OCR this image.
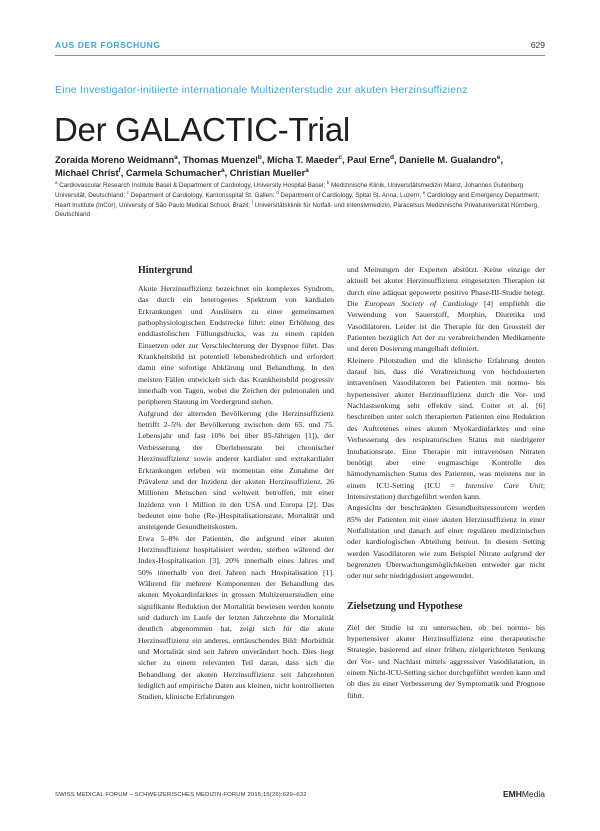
AUS DER FORSCHUNG	629
Eine Investigator-initiierte internationale Multizenterstudie zur akuten Herzinsuffizienz
Der GALACTIC-Trial
Zoraida Moreno Weidmann$^a$, Thomas Muenzel$^b$, Micha T. Maeder$^c$, Paul Erne$^d$, Danielle M. Gualandro$^e$,
Michael Christ$^f$, Carmela Schumacher$^a$, Christian Mueller$^a$
$^a$ Cardiovascular Research Institute Basel & Department of Cardiology, University Hospital Basel; $^b$ Medizinische Klinik, Universitätsmedizin Mainz, Johannes Gutenberg Universität, Deutschland; $^c$ Department of Cardiology, Kantonsspital St. Gallen; $^d$ Department of Cardiology, Spital St. Anna, Luzern; $^e$ Cardiology and Emergency Department, Heart Institute (InCor), University of São Paulo Medical School, Brazil; $^f$ Universitätsklinik für Notfall- und Intensivmedizin, Paracelsus Medizinische Privatuniversität Nürnberg, Deutschland
Hintergrund

Akute Herzinsuffizienz bezeichnet ein komplexes Syndrom, das durch ein heterogenes Spektrum von kardialen Erkrankungen und Auslösern zu einer gemeinsamen pathophysiologischen Endstrecke führt: einer Erhöhung des enddiastolischen Füllungsdrucks, was zu einem rapiden Einsetzen oder zur Verschlechterung der Dyspnoe führt. Das Krankheitsbild ist potentiell lebensbedrohlich und erfordert damit eine sofortige Abklärung und Behandlung. In den meisten Fällen entwickelt sich das Krankheitsbild progressiv innerhalb von Tagen, wobei die Zeichen der pulmonalen und peripheren Stauung im Vordergrund stehen.

Aufgrund der alternden Bevölkerung (die Herzinsuffizienz betrifft 2–5% der Bevölkerung zwischen dem 65. und 75. Lebensjahr und fast 10% bei über 85-Jährigen [1]), der Verbesserung der Überlebensrate bei chronischer Herzinsuffizienz sowie anderer kardialer und extrakardialer Erkrankungen erleben wir momentan eine Zunahme der Prävalenz und der Inzidenz der akuten Herzinsuffizienz. 26 Millionen Menschen sind weltweit betroffen, mit einer Inzidenz von 1 Million in den USA und Europa [2]. Das bedeutet eine hohe (Re-)Hospitalisationsrate, Mortalität und ansteigende Gesundheitskosten.

Etwa 5–8% der Patienten, die aufgrund einer akuten Herzinsuffizienz hospitalisiert werden, sterben während der Index-Hospitalisation [3], 20% innerhalb eines Jahres und 50% innerhalb von drei Jahren nach Hospitalisation [1]. Während für mehrere Komponenten der Behandlung des akuten Myokardinfarktes in grossen Multizenterstudien eine signifikante Reduktion der Mortalität bewiesen werden konnte und dadurch im Laufe der letzten Jahrzehnte die Mortalität deutlich abgenommen hat, zeigt sich für die akute Herzinsuffizienz ein anderes, enttäuschendes Bild: Morbidität und Mortalität sind seit Jahren unverändert hoch. Dies liegt sicher zu einem relevanten Teil daran, dass sich die Behandlung der akuten Herzinsuffizienz seit Jahrzehnten lediglich auf empirische Daten aus kleinen, nicht kontrollierten Studien, klinische Erfahrungen

und Meinungen der Experten abstützt. Keine einzige der aktuell bei akuter Herzinsuffizienz eingesetzten Therapien ist durch eine adäquat gepowerte positive Phase-III-Studie belegt. Die European Society of Cardiology [4] empfiehlt die Verwendung von Sauerstoff, Morphin, Diuretika und Vasodilatoren. Leider ist die Therapie für den Grossteil der Patienten bezüglich Art der zu verabreichenden Medikamente und deren Dosierung mangelhaft definiert.

Kleinere Pilotstudien und die klinische Erfahrung deuten darauf hin, dass die Verabreichung von hochdosierten intravenösen Vasodilatoren bei Patienten mit normo- bis hypertensiver akuter Herzinsuffizienz durch die Vor- und Nachlastsenkung sehr effektiv sind. Cotter et al. [6] beschreiben unter solch therapierten Patienten eine Reduktion des Auftretenes eines akuten Myokardinfarktes und eine Verbesserung des respiratorischen Status mit niedrigerer Intubationsrate. Eine Therapie mit intravenösen Nitraten benötigt aber eine engmaschige Kontrolle des hämodynamischen Status des Patienten, was meistens nur in einem ICU-Setting (ICU = Intensive Care Unit; Intensivstation) durchgeführt werden kann.

Angesichts der beschränkten Gesundheitsressourcen werden 85% der Patienten mit einer akuten Herzinsuffizienz in einer Notfallstation und danach auf einer regulären medizinischen oder kardiologischen Abteilung betreut. In diesem Setting werden Vasodilatoren wie zum Beispiel Nitrate aufgrund der begrenzten Überwachungsmöglichkeiten entweder gar nicht oder nur sehr niedrigdosiert angewendet.

Zielsetzung und Hypothese

Ziel der Studie ist zu untersuchen, ob bei normo- bis hypertensiver akuter Herzinsuffizienz eine therapeutische Strategie, basierend auf einer frühen, zielgerichteten Senkung der Vor- und Nachlast mittels aggressiver Vasodilatation, in einem Nicht-ICU-Setting sicher durchgeführt werden kann und ob dies zu einer Verbesserung der Symptomatik und Prognose führt.

SWISS MEDICAL FORUM – SCHWEIZERISCHES MEDIZIN-FORUM 2015;15(26):629–632	EMHMedia
